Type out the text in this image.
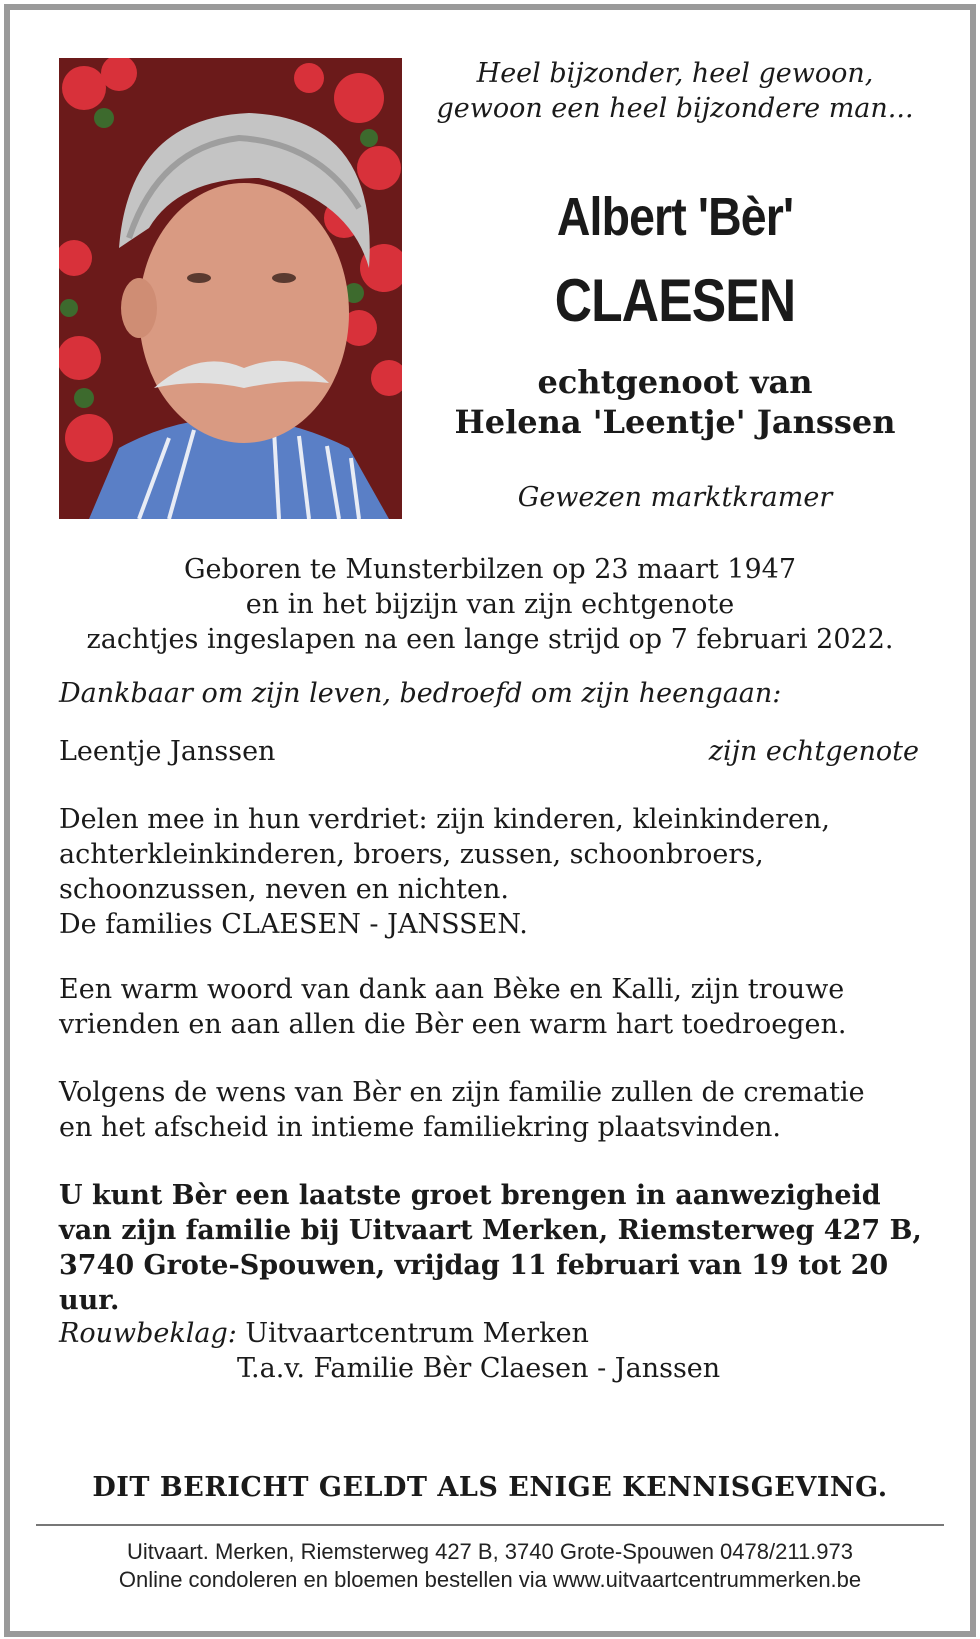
Heel bijzonder, heel gewoon,
gewoon een heel bijzondere man...
Albert 'Bèr'
CLAESEN
echtgenoot van
Helena 'Leentje' Janssen
Gewezen marktkramer
Geboren te Munsterbilzen op 23 maart 1947
en in het bijzijn van zijn echtgenote
zachtjes ingeslapen na een lange strijd op 7 februari 2022.
Dankbaar om zijn leven, bedroefd om zijn heengaan:
Leentje Janssen	zijn echtgenote
Delen mee in hun verdriet: zijn kinderen, kleinkinderen,
achterkleinkinderen, broers, zussen, schoonbroers,
schoonzussen, neven en nichten.
De families CLAESEN - JANSSEN.
Een warm woord van dank aan Bèke en Kalli, zijn trouwe
vrienden en aan allen die Bèr een warm hart toedroegen.
Volgens de wens van Bèr en zijn familie zullen de crematie
en het afscheid in intieme familiekring plaatsvinden.
U kunt Bèr een laatste groet brengen in aanwezigheid
van zijn familie bij Uitvaart Merken, Riemsterweg 427 B,
3740 Grote-Spouwen, vrijdag 11 februari van 19 tot 20 uur.
Rouwbeklag: Uitvaartcentrum Merken
T.a.v. Familie Bèr Claesen - Janssen
DIT BERICHT GELDT ALS ENIGE KENNISGEVING.
Uitvaart. Merken, Riemsterweg 427 B, 3740 Grote-Spouwen 0478/211.973
Online condoleren en bloemen bestellen via www.uitvaartcentrummerken.be
